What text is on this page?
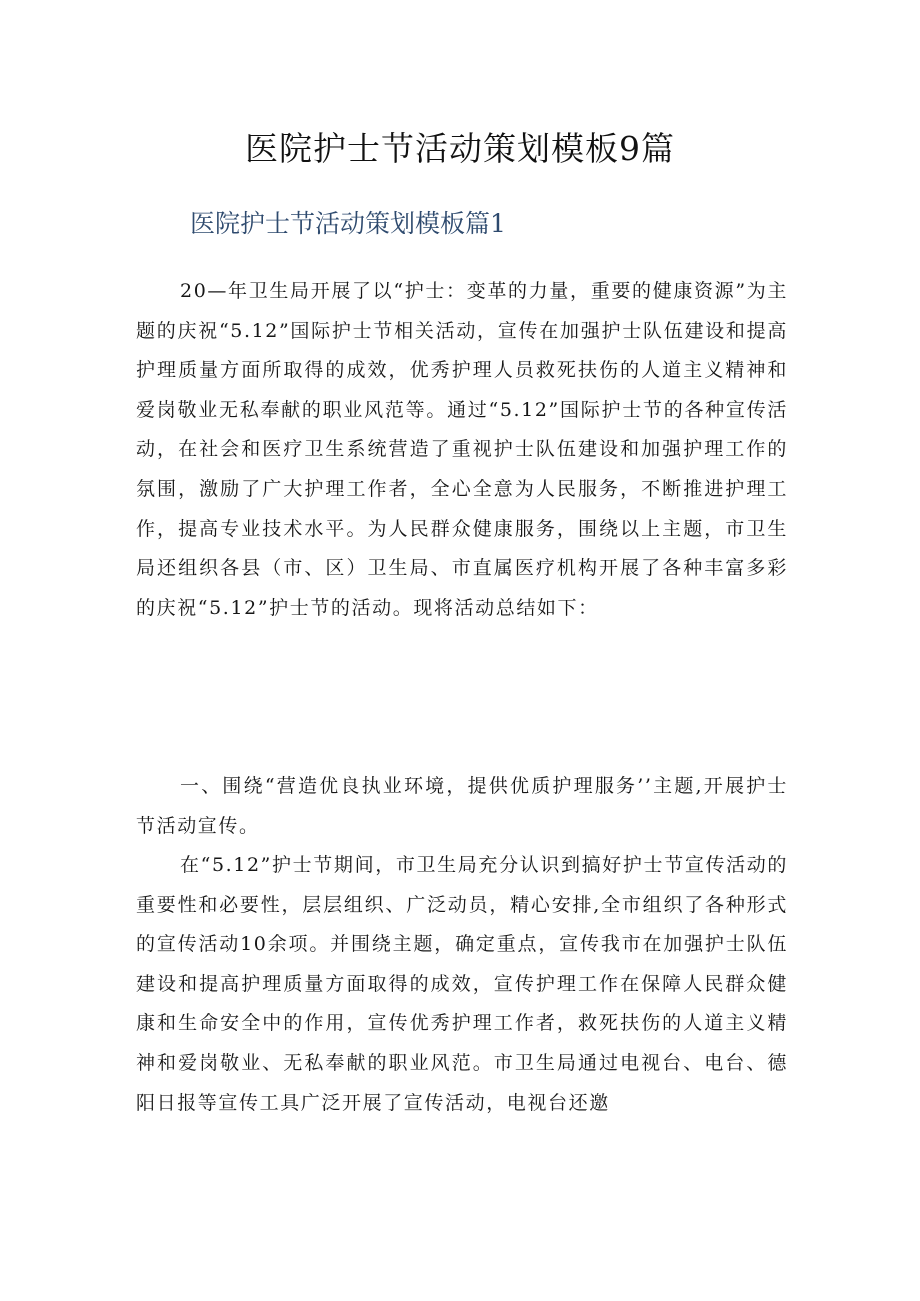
医院护士节活动策划模板9篇
医院护士节活动策划模板篇1

20—年卫生局开展了以“护士：变革的力量，重要的健康资源”为主题的庆祝“5.12”国际护士节相关活动，宣传在加强护士队伍建设和提高护理质量方面所取得的成效，优秀护理人员救死扶伤的人道主义精神和爱岗敬业无私奉献的职业风范等。通过“5.12”国际护士节的各种宣传活动，在社会和医疗卫生系统营造了重视护士队伍建设和加强护理工作的氛围，激励了广大护理工作者，全心全意为人民服务，不断推进护理工作，提高专业技术水平。为人民群众健康服务，围绕以上主题，市卫生局还组织各县（市、区）卫生局、市直属医疗机构开展了各种丰富多彩的庆祝“5.12”护士节的活动。现将活动总结如下：

一、围绕“营造优良执业环境，提供优质护理服务’’主题,开展护士节活动宣传。

在“5.12”护士节期间，市卫生局充分认识到搞好护士节宣传活动的重要性和必要性，层层组织、广泛动员，精心安排,全市组织了各种形式的宣传活动10余项。并围绕主题，确定重点，宣传我市在加强护士队伍建设和提高护理质量方面取得的成效，宣传护理工作在保障人民群众健康和生命安全中的作用，宣传优秀护理工作者，救死扶伤的人道主义精神和爱岗敬业、无私奉献的职业风范。市卫生局通过电视台、电台、德阳日报等宣传工具广泛开展了宣传活动，电视台还邀
